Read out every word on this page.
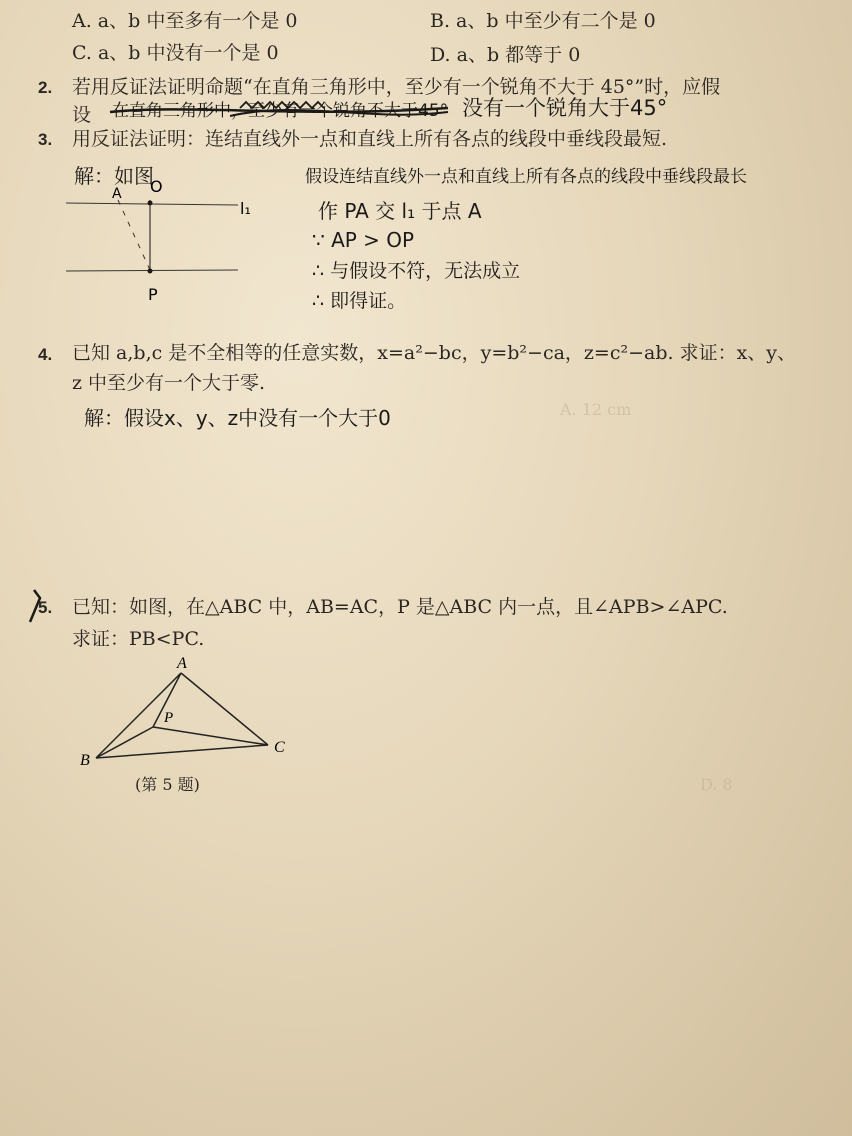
A. 12 cm
D. 8
A. a、b 中至多有一个是 0	B. a、b 中至少有二个是 0
C. a、b 中没有一个是 0	D. a、b 都等于 0
2. 若用反证法证明命题“在直角三角形中，至少有一个锐角不大于 45°”时，应假
设 在直角三角形中，至少有一个锐角不大于45° 没有一个锐角大于45°
3. 用反证法证明：连结直线外一点和直线上所有各点的线段中垂线段最短.
解：如图	假设连结直线外一点和直线上所有各点的线段中垂线段最长
作 PA 交 l₁ 于点 A
∵ AP > OP
∴ 与假设不符，无法成立
∴ 即得证。
4. 已知 a,b,c 是不全相等的任意实数，x=a²−bc，y=b²−ca，z=c²−ab. 求证：x、y、
z 中至少有一个大于零.
解：假设x、y、z中没有一个大于0
5. 已知：如图，在△ABC 中，AB=AC，P 是△ABC 内一点，且∠APB>∠APC.
求证：PB<PC.
(第 5 题)
A O
l₁
P
A
B
C
P
